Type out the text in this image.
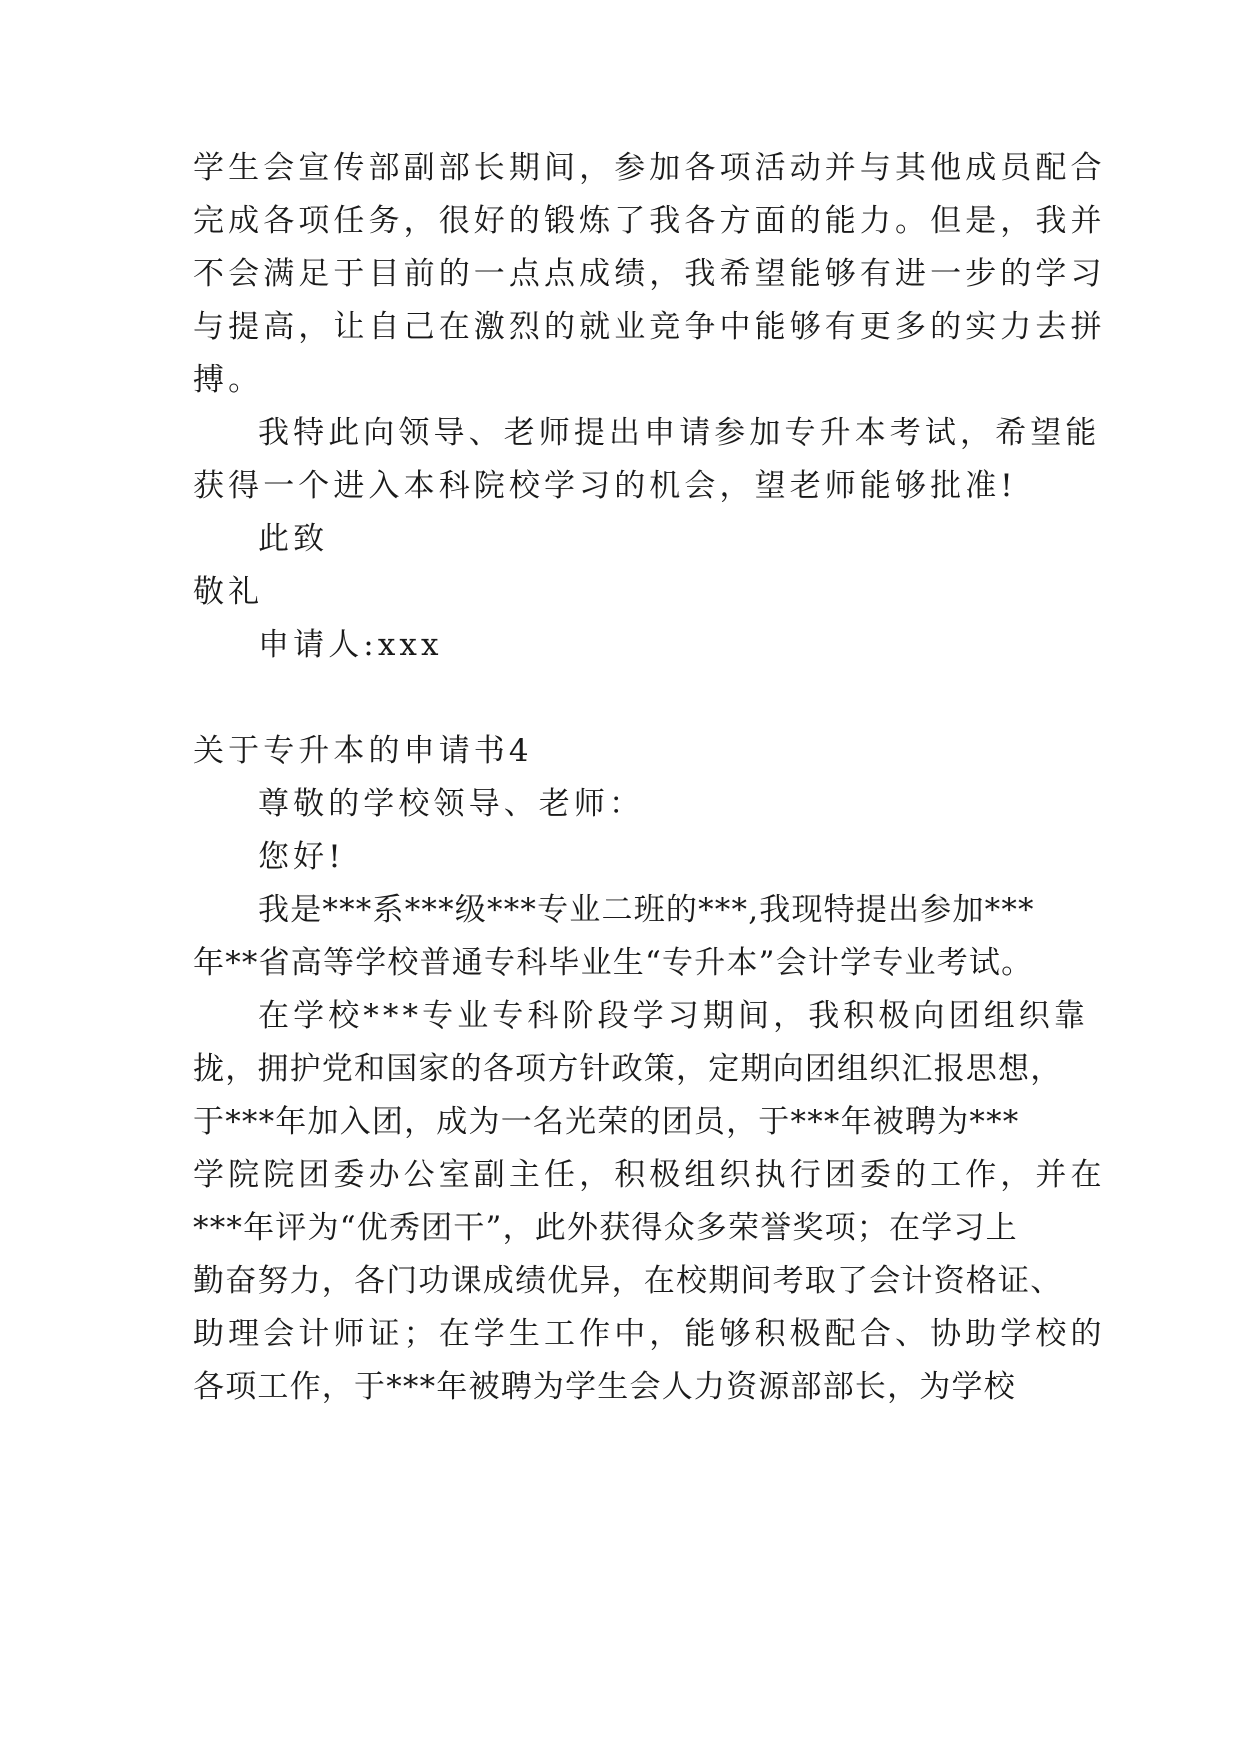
学生会宣传部副部长期间，参加各项活动并与其他成员配合
完成各项任务，很好的锻炼了我各方面的能力。但是，我并
不会满足于目前的一点点成绩，我希望能够有进一步的学习
与提高，让自己在激烈的就业竞争中能够有更多的实力去拼
搏。
我特此向领导、老师提出申请参加专升本考试，希望能
获得一个进入本科院校学习的机会，望老师能够批准!
此致
敬礼
申请人:xxx
关于专升本的申请书4
尊敬的学校领导、老师：
您好!
我是***系***级***专业二班的***,我现特提出参加***
年**省高等学校普通专科毕业生“专升本”会计学专业考试。
在学校***专业专科阶段学习期间，我积极向团组织靠
拢，拥护党和国家的各项方针政策，定期向团组织汇报思想，
于***年加入团，成为一名光荣的团员，于***年被聘为***
学院院团委办公室副主任，积极组织执行团委的工作，并在
***年评为“优秀团干”，此外获得众多荣誉奖项；在学习上
勤奋努力，各门功课成绩优异，在校期间考取了会计资格证、
助理会计师证；在学生工作中，能够积极配合、协助学校的
各项工作，于***年被聘为学生会人力资源部部长，为学校
